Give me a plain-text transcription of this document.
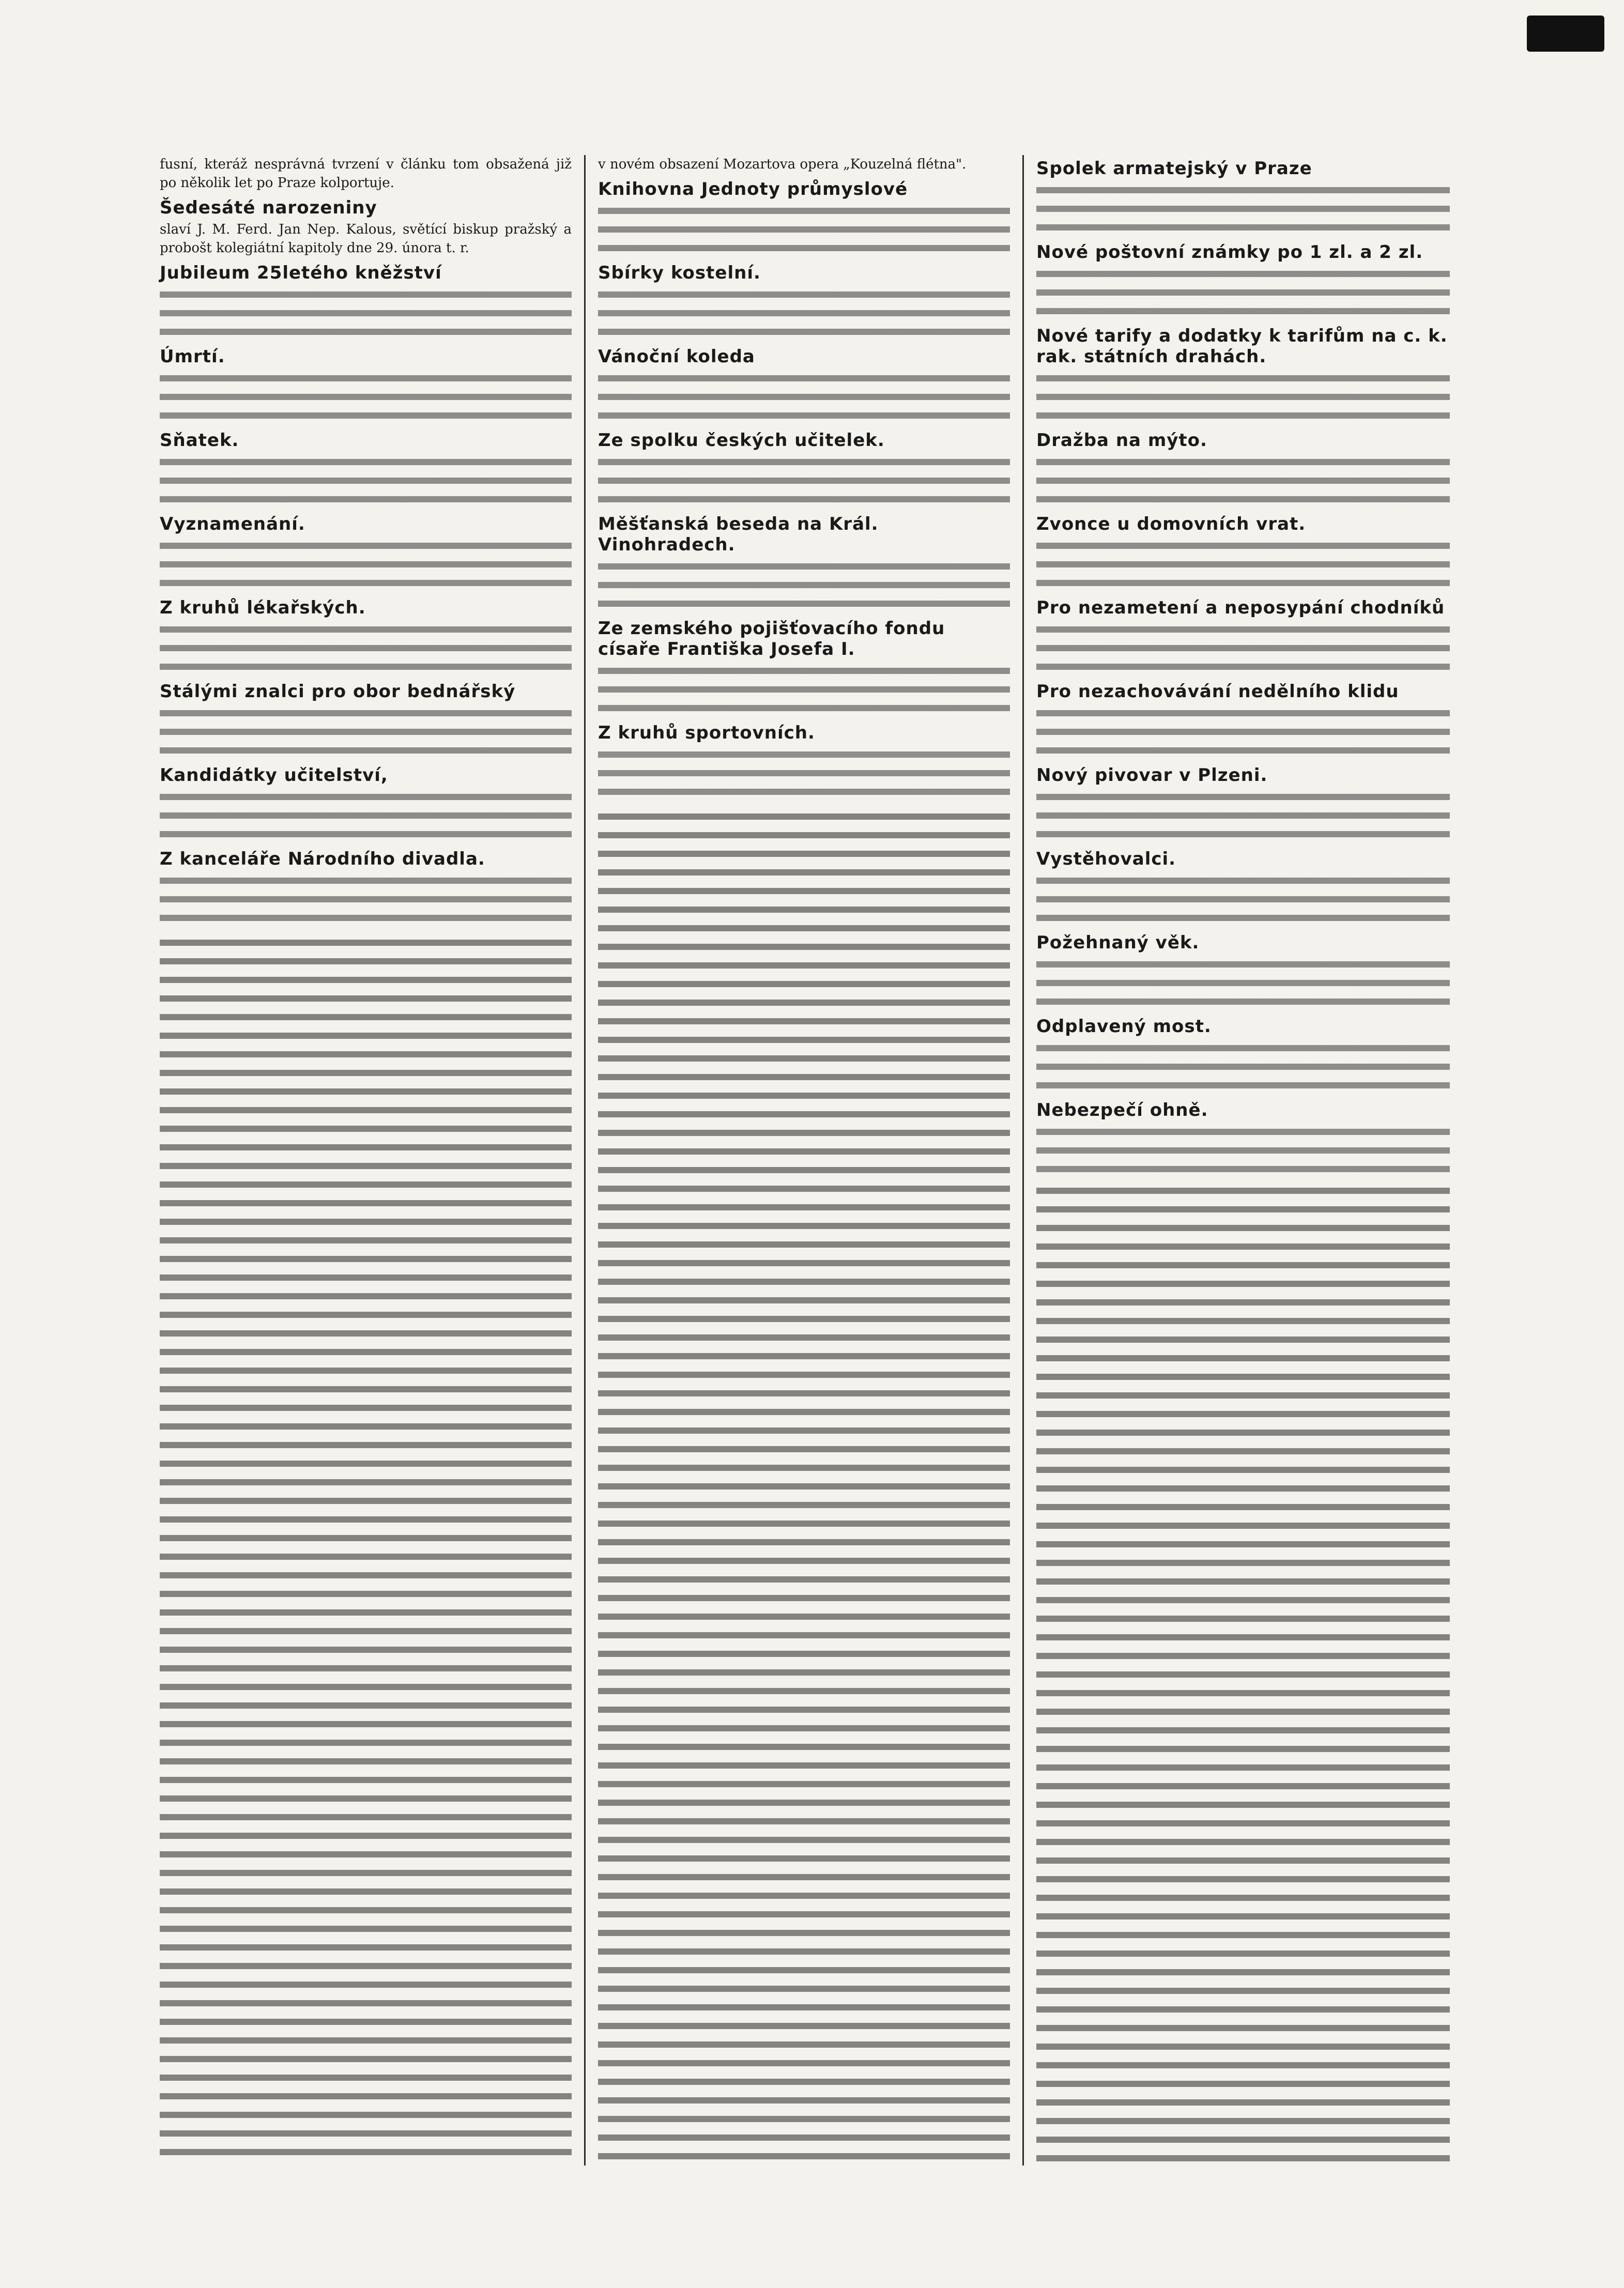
fusní, kteráž nesprávná tvrzení v článku tom obsažená již po několik let po Praze kolportuje.

Šedesáté narozeniny

slaví J. M. Ferd. Jan Nep. Kalous, světící biskup pražský a probošt kolegiátní kapitoly dne 29. února t. r.

Jubileum 25letého kněžství
Úmrtí.
Sňatek.
Vyznamenání.
Z kruhů lékařských.
Stálými znalci pro obor bednářský
Kandidátky učitelství,
Z kanceláře Národního divadla.

v novém obsazení Mozartova opera „Kouzelná flétna".

Knihovna Jednoty průmyslové
Sbírky kostelní.
Vánoční koleda
Ze spolku českých učitelek.
Měšťanská beseda na Král. Vinohradech.
Ze zemského pojišťovacího fondu císaře Františka Josefa I.
Z kruhů sportovních.
Spolek armatejský v Praze
Nové poštovní známky po 1 zl. a 2 zl.
Nové tarify a dodatky k tarifům na c. k. rak. státních drahách.
Dražba na mýto.
Zvonce u domovních vrat.
Pro nezametení a neposypání chodníků
Pro nezachovávání nedělního klidu
Nový pivovar v Plzeni.
Vystěhovalci.
Požehnaný věk.
Odplavený most.
Nebezpečí ohně.
